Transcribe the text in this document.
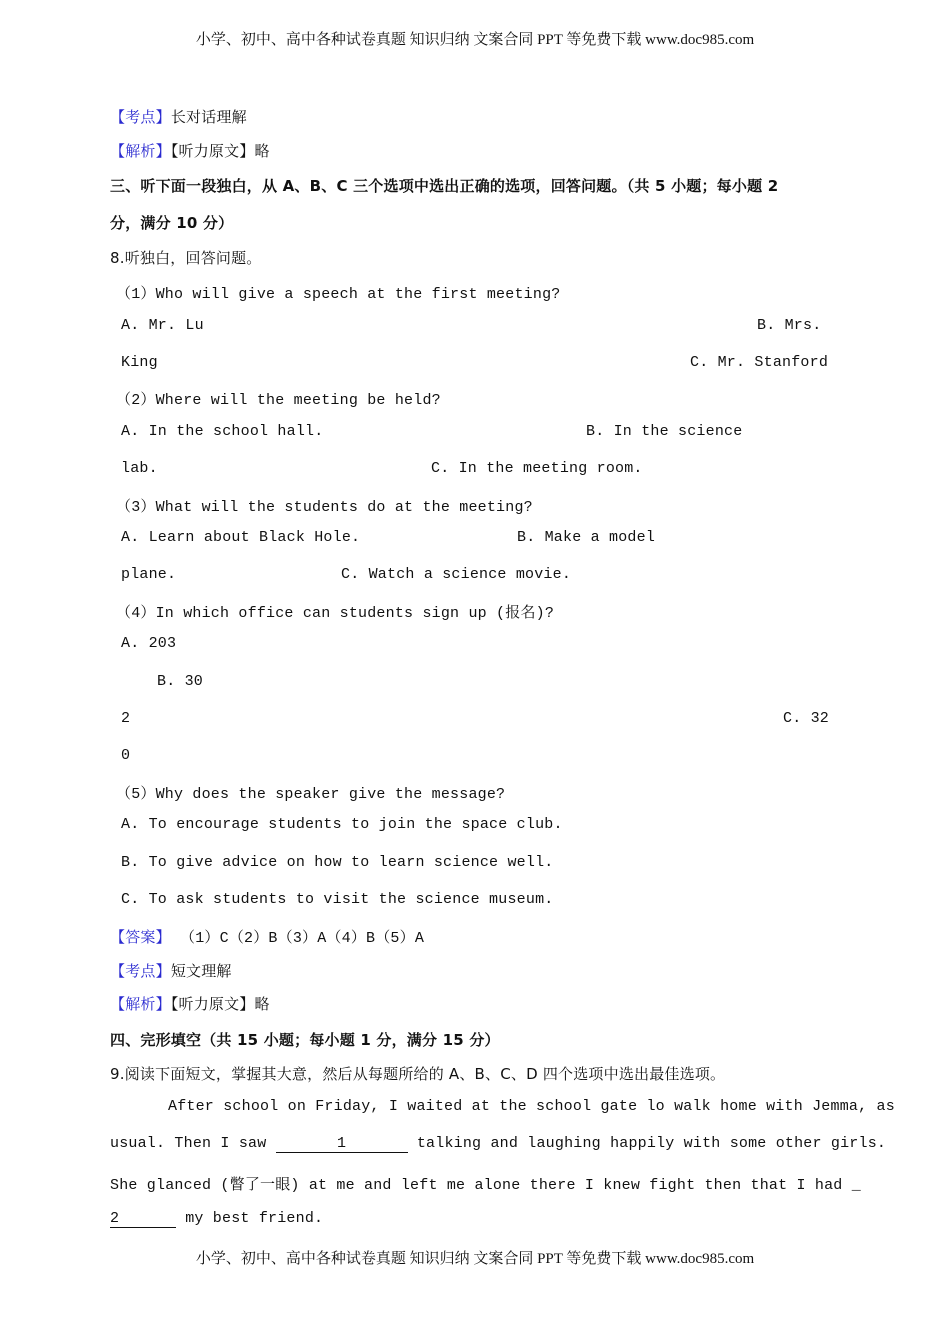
小学、初中、高中各种试卷真题 知识归纳 文案合同 PPT 等免费下载 www.doc985.com
【考点】长对话理解
【解析】【听力原文】略
三、听下面一段独白，从 A、B、C 三个选项中选出正确的选项，回答问题。（共 5 小题；每小题 2
分，满分 10 分）
8.听独白，回答问题。
（1）Who will give a speech at the first meeting?
A. Mr. Lu	B. Mrs.
King	C. Mr. Stanford
（2）Where will the meeting be held?
A. In the school hall.	B. In the science
lab.	C. In the meeting room.
（3）What will the students do at the meeting?
A. Learn about Black Hole.	B. Make a model
plane.	C. Watch a science movie.
（4）In which office can students sign up (报名)?
A. 203
B. 30
2	C. 32
0
（5）Why does the speaker give the message?
A. To encourage students to join the space club.
B. To give advice on how to learn science well.
C. To ask students to visit the science museum.
【答案】 （1）C（2）B（3）A（4）B（5）A
【考点】短文理解
【解析】【听力原文】略
四、完形填空（共 15 小题；每小题 1 分，满分 15 分）
9.阅读下面短文，掌握其大意，然后从每题所给的 A、B、C、D 四个选项中选出最佳选项。
After school on Friday, I waited at the school gate lo walk home with Jemma, as
usual. Then I saw	1	talking and laughing happily with some other girls.
She glanced (瞥了一眼) at me and left me alone there I knew fight then that I had _
2	my best friend.
小学、初中、高中各种试卷真题 知识归纳 文案合同 PPT 等免费下载 www.doc985.com
